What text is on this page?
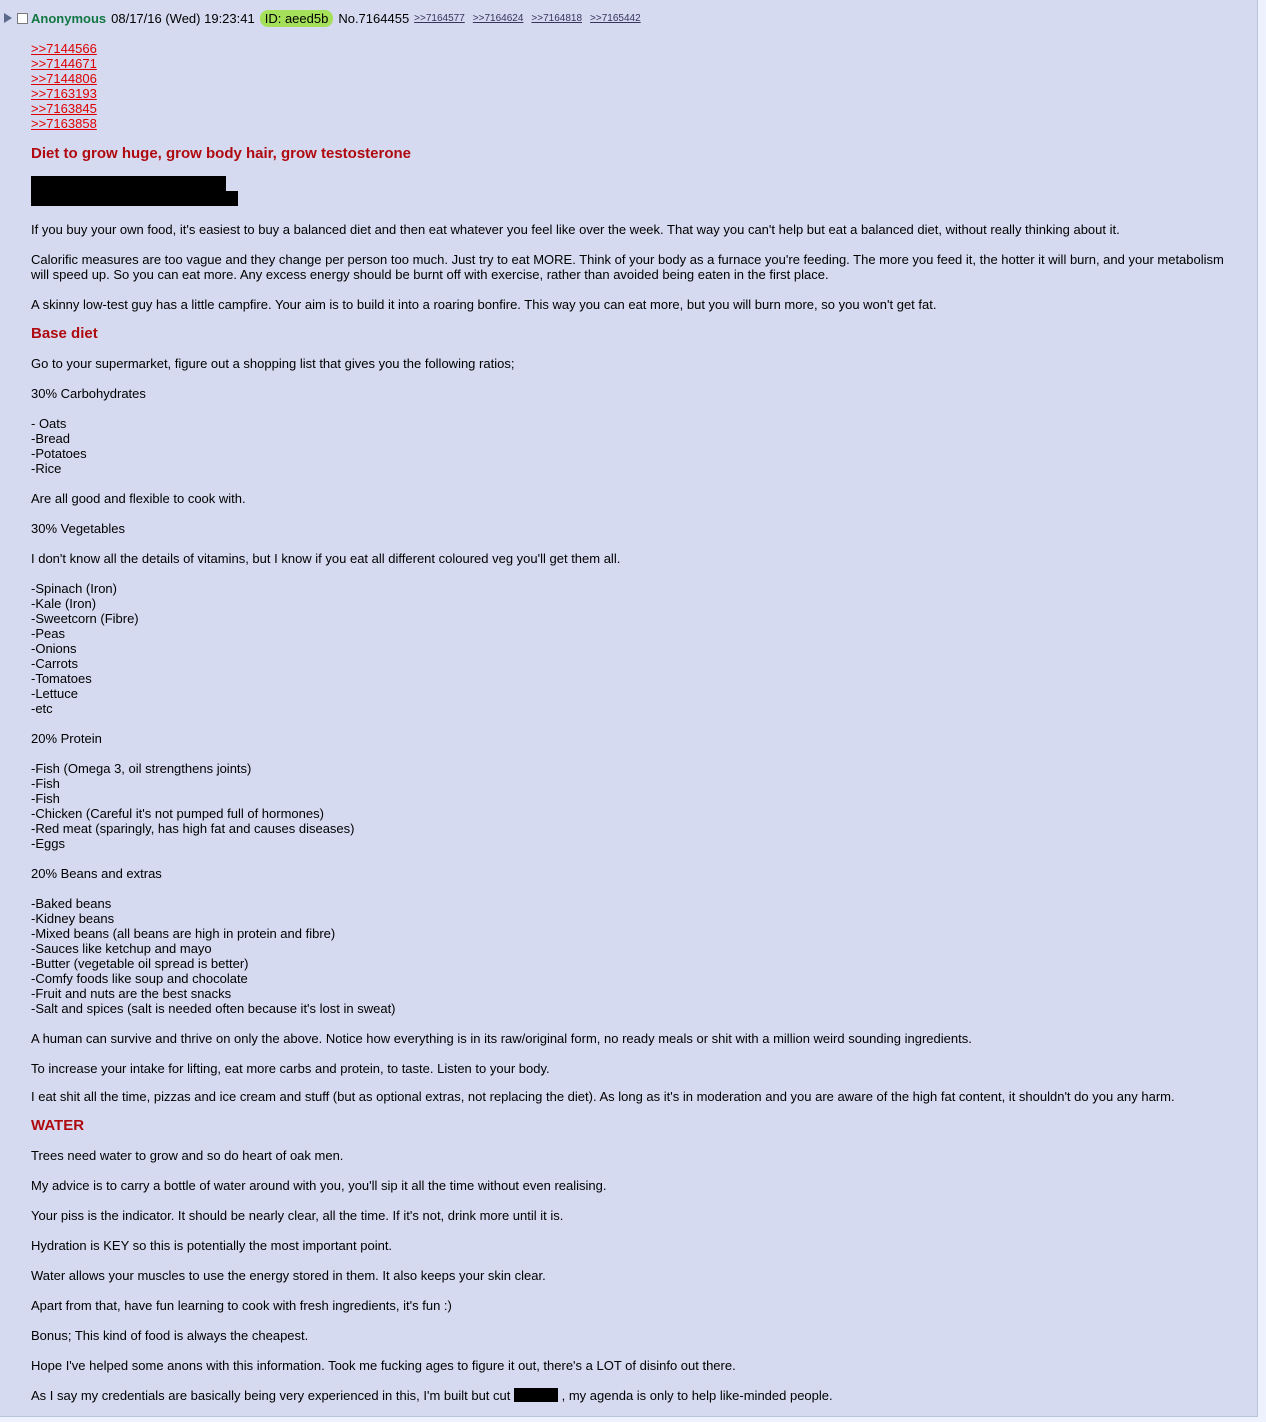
Anonymous 08/17/16 (Wed) 19:23:41 ID: aeed5b No.7164455 >>7164577 >>7164624 >>7164818 >>7165442
>>7144566
>>7144671
>>7144806
>>7163193
>>7163845
>>7163858
Diet to grow huge, grow body hair, grow testosterone
If you buy your own food, it's easiest to buy a balanced diet and then eat whatever you feel like over the week. That way you can't help but eat a balanced diet, without really thinking about it.
Calorific measures are too vague and they change per person too much. Just try to eat MORE. Think of your body as a furnace you're feeding. The more you feed it, the hotter it will burn, and your metabolism will speed up. So you can eat more. Any excess energy should be burnt off with exercise, rather than avoided being eaten in the first place.
A skinny low-test guy has a little campfire. Your aim is to build it into a roaring bonfire. This way you can eat more, but you will burn more, so you won't get fat.
Base diet
Go to your supermarket, figure out a shopping list that gives you the following ratios;
30% Carbohydrates
- Oats
-Bread
-Potatoes
-Rice
Are all good and flexible to cook with.
30% Vegetables
I don't know all the details of vitamins, but I know if you eat all different coloured veg you'll get them all.
-Spinach (Iron)
-Kale (Iron)
-Sweetcorn (Fibre)
-Peas
-Onions
-Carrots
-Tomatoes
-Lettuce
-etc
20% Protein
-Fish (Omega 3, oil strengthens joints)
-Fish
-Fish
-Chicken (Careful it's not pumped full of hormones)
-Red meat (sparingly, has high fat and causes diseases)
-Eggs
20% Beans and extras
-Baked beans
-Kidney beans
-Mixed beans (all beans are high in protein and fibre)
-Sauces like ketchup and mayo
-Butter (vegetable oil spread is better)
-Comfy foods like soup and chocolate
-Fruit and nuts are the best snacks
-Salt and spices (salt is needed often because it's lost in sweat)
A human can survive and thrive on only the above. Notice how everything is in its raw/original form, no ready meals or shit with a million weird sounding ingredients.
To increase your intake for lifting, eat more carbs and protein, to taste. Listen to your body.
I eat shit all the time, pizzas and ice cream and stuff (but as optional extras, not replacing the diet). As long as it's in moderation and you are aware of the high fat content, it shouldn't do you any harm.
WATER
Trees need water to grow and so do heart of oak men.
My advice is to carry a bottle of water around with you, you'll sip it all the time without even realising.
Your piss is the indicator. It should be nearly clear, all the time. If it's not, drink more until it is.
Hydration is KEY so this is potentially the most important point.
Water allows your muscles to use the energy stored in them. It also keeps your skin clear.
Apart from that, have fun learning to cook with fresh ingredients, it's fun :)
Bonus; This kind of food is always the cheapest.
Hope I've helped some anons with this information. Took me fucking ages to figure it out, there's a LOT of disinfo out there.
As I say my credentials are basically being very experienced in this, I'm built but cut	, my agenda is only to help like-minded people.
